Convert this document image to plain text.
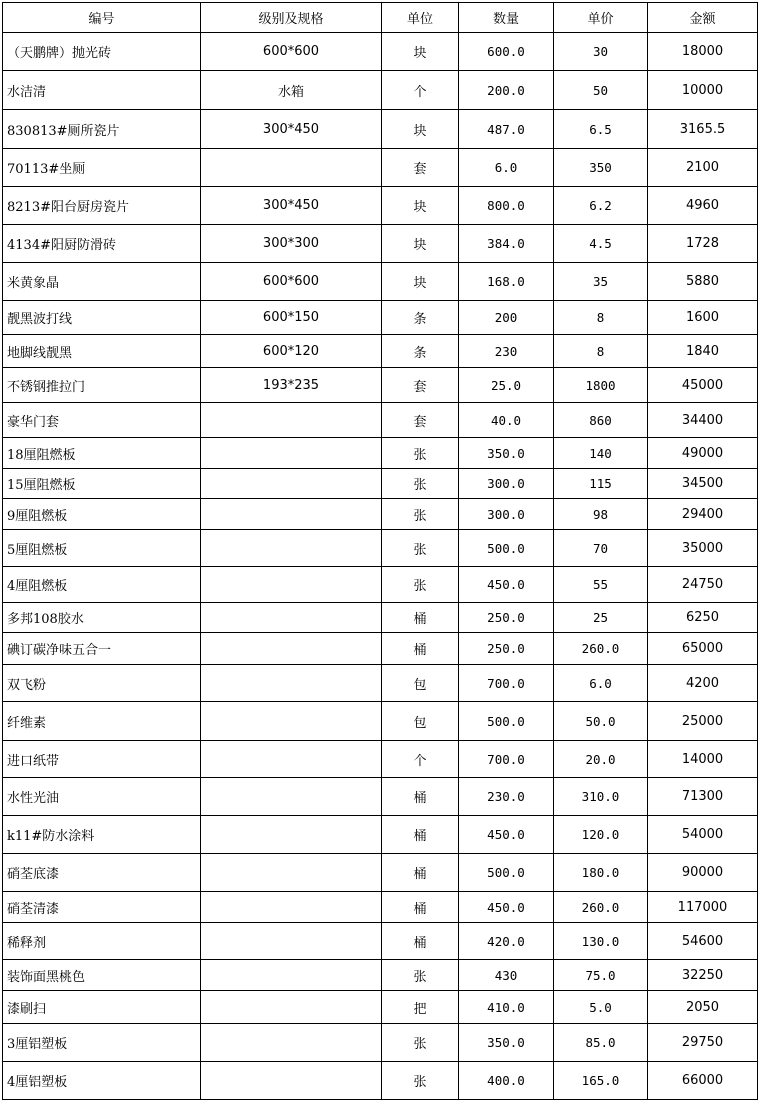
编号	级别及规格	单位	数量	单价	金额
（天鹏牌）抛光砖	600*600	块	600.0	30	18000
水洁清	水箱	个	200.0	50	10000
830813#厕所瓷片	300*450	块	487.0	6.5	3165.5
70113#坐厕		套	6.0	350	2100
8213#阳台厨房瓷片	300*450	块	800.0	6.2	4960
4134#阳厨防滑砖	300*300	块	384.0	4.5	1728
米黄象晶	600*600	块	168.0	35	5880
靓黑波打线	600*150	条	200	8	1600
地脚线靓黑	600*120	条	230	8	1840
不锈钢推拉门	193*235	套	25.0	1800	45000
豪华门套		套	40.0	860	34400
18厘阻燃板		张	350.0	140	49000
15厘阻燃板		张	300.0	115	34500
9厘阻燃板		张	300.0	98	29400
5厘阻燃板		张	500.0	70	35000
4厘阻燃板		张	450.0	55	24750
多邦108胶水		桶	250.0	25	6250
碘订碳净味五合一		桶	250.0	260.0	65000
双飞粉		包	700.0	6.0	4200
纤维素		包	500.0	50.0	25000
进口纸带		个	700.0	20.0	14000
水性光油		桶	230.0	310.0	71300
k11#防水涂料		桶	450.0	120.0	54000
硝荃底漆		桶	500.0	180.0	90000
硝荃清漆		桶	450.0	260.0	117000
稀释剂		桶	420.0	130.0	54600
装饰面黑桃色		张	430	75.0	32250
漆刷扫		把	410.0	5.0	2050
3厘铝塑板		张	350.0	85.0	29750
4厘铝塑板		张	400.0	165.0	66000
